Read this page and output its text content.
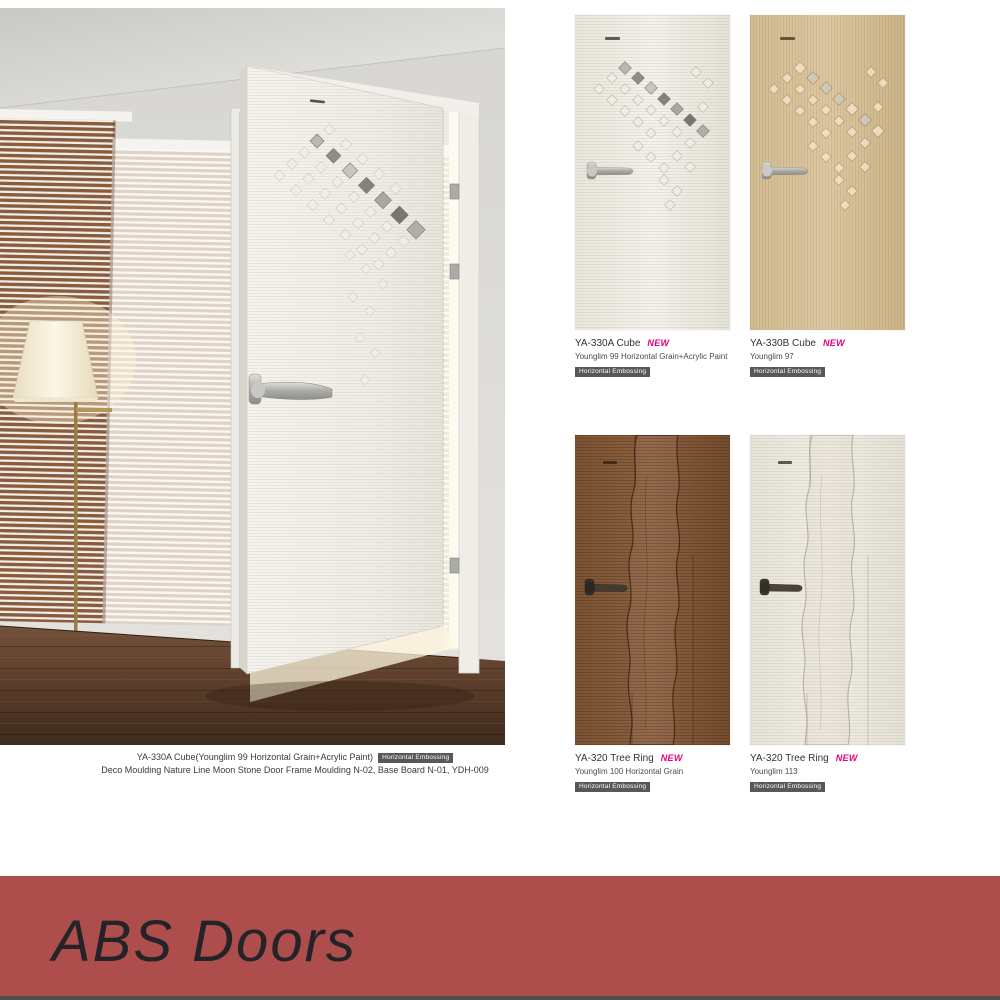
YA-330A Cube(Younglim 99 Horizontal Grain+Acrylic Paint) Horizontal Embossing
Deco Moulding Nature Line Moon Stone Door Frame Moulding N-02, Base Board N-01, YDH-009
YA-330A Cube NEW
Younglim 99 Horizontal Grain+Acrylic Paint
Horizontal Embossing
YA-330B Cube NEW
Younglim 97
Horizontal Embossing
YA-320 Tree Ring NEW
Younglim 100 Horizontal Grain
Horizontal Embossing
YA-320 Tree Ring NEW
Younglim 113
Horizontal Embossing
ABS Doors
